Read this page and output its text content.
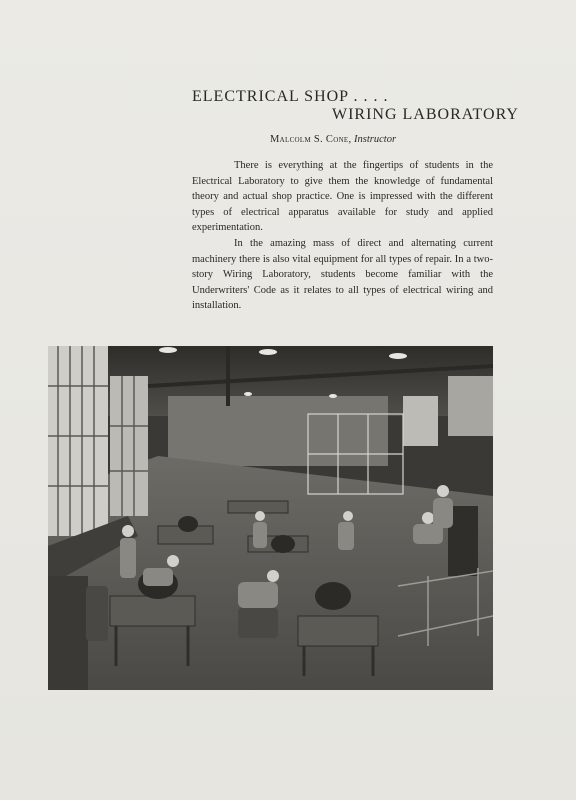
ELECTRICAL SHOP . . . .
WIRING LABORATORY
Malcolm S. Cone, Instructor

There is everything at the fingertips of students in the Electrical Laboratory to give them the knowledge of fundamental theory and actual shop practice. One is impressed with the different types of electrical apparatus available for study and applied experimentation.

In the amazing mass of direct and alternating current machinery there is also vital equipment for all types of repair. In a two-story Wiring Laboratory, students become familiar with the Underwriters' Code as it relates to all types of electrical wiring and installation.
